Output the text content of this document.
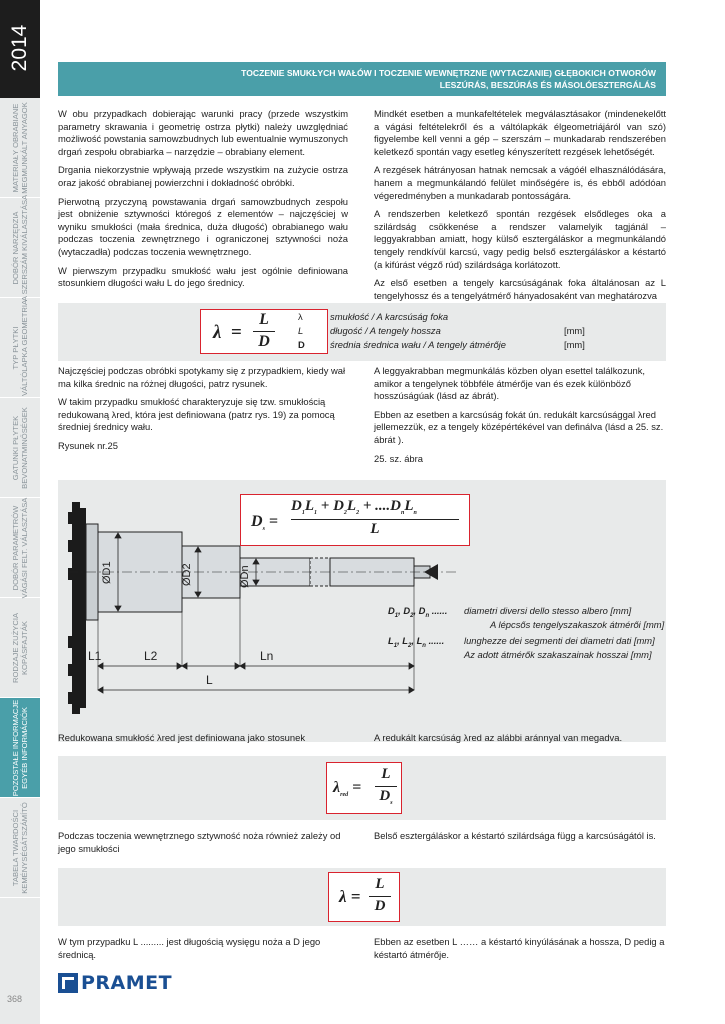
2014
MATERIAŁY OBRABIANE MEGMUNKÁLT ANYAGOK
DOBÓR NARZĘDZIA A SZERSZÁM KIVÁLASZTÁSA
TYP PŁYTKI VÁLTÓLAPKA GEOMETRIA
GATUNKI PŁYTEK BEVONATMINŐSÉGEK
DOBÓR PARAMETRÓW VÁGÁSI FELT. VÁLASZTÁSA
RODZAJE ZUŻYCIA KOPÁSFAJTÁK
POZOSTAŁE INFORMACJE EGYÉB INFORMÁCIÓK
TABELA TWARDOŚCI KEMÉNYSÉGÁTSZÁMÍTÓ
368
TOCZENIE SMUKŁYCH WAŁÓW I TOCZENIE WEWNĘTRZNE (WYTACZANIE) GŁĘBOKICH OTWORÓW
LESZÚRÁS, BESZÚRÁS ÉS MÁSOLÓESZTERGÁLÁS

W obu przypadkach dobierając warunki pracy (przede wszystkim parametry skrawania i geometrię ostrza płytki) należy uwzględniać możliwość powstania samowzbudnych lub ewentualnie wymuszonych drgań zespołu obrabiarka – narzędzie – obrabiany element.

Drgania niekorzystnie wpływają przede wszystkim na zużycie ostrza oraz jakość obrabianej powierzchni i dokładność obróbki.

Pierwotną przyczyną powstawania drgań samowzbudnych zespołu jest obniżenie sztywności któregoś z elementów – najczęściej w wyniku smukłości (mała średnica, duża długość) obrabianego wału podczas toczenia zewnętrznego i ograniczonej sztywności noża (wytaczadła) podczas toczenia wewnętrznego.

W pierwszym przypadku smukłość wału jest ogólnie definiowana stosunkiem długości wału L do jego średnicy.

Mindkét esetben a munkafeltételek megválasztásakor (mindenekelőtt a vágási feltételekről és a váltólapkák élgeometriájáról van szó) figyelembe kell venni a gép – szerszám – munkadarab rendszerében keletkező spontán vagy esetleg kényszerített rezgések lehetőségét.

A rezgések hátrányosan hatnak nemcsak a vágóél elhasználódására, hanem a megmunkálandó felület minőségére is, és ebből adódóan végeredményben a munkadarab pontosságára.

A rendszerben keletkező spontán rezgések elsődleges oka a szilárdság csökkenése a rendszer valamelyik tagjánál – leggyakrabban amiatt, hogy külső esztergáláskor a megmunkálandó tengely rendkívül karcsú, vagy pedig belső esztergáláskor a késtartó (a kifúrást végző rúd) szilárdsága korlátozott.

Az első esetben a tengely karcsúságának foka általánosan az L tengelyhossz és a tengelyátmérő hányadosaként van meghatározva

λ =
L
D
λ	smukłość / A karcsúság foka
L	długość / A tengely hossza	[mm]
D	średnia średnica wału / A tengely átmérője	[mm]

Najczęściej podczas obróbki spotykamy się z przypadkiem, kiedy wał ma kilka średnic na różnej długości, patrz rysunek.

W takim przypadku smukłość charakteryzuje się tzw. smukłością redukowaną λred, która jest definiowana (patrz rys. 19) za pomocą średniej średnicy wału.

Rysunek nr.25

A leggyakrabban megmunkálás közben olyan esettel találkozunk, amikor a tengelynek többféle átmérője van és ezek különböző hosszúságúak (lásd az ábrát).

Ebben az esetben a karcsúság fokát ún. redukált karcsúsággal λred jellemezzük, ez a tengely középértékével van definálva (lásd a 25. sz. ábrát ).

25. sz. ábra

ØD1	ØD2	ØDn
L1	L2	Ln
L
$D_s$ =
$D_1L_1 + D_2L_2 + ....D_nL_n$
L
$D_1$, $D_2$, $D_n$ ...... diametri diversi dello stesso albero [mm]
A lépcsős tengelyszakaszok átmérői [mm]
$L_1$, $L_2$, $L_n$ ...... lunghezze dei segmenti dei diametri dati [mm]
Az adott átmérők szakaszainak hosszai [mm]

Redukowana smukłość λred jest definiowana jako stosunek	A redukált karcsúság λred az alábbi aránnyal van megadva.

$\lambda_{red}$ =
L
$D_s$

Podczas toczenia wewnętrznego sztywność noża również zależy od jego smukłości

Belső esztergáláskor a késtartó szilárdsága függ a karcsúságától is.

λ =
L
D

W tym przypadku L ......... jest długością wysięgu noża a D jego średnicą.

Ebben az esetben L …… a késtartó kinyúlásának a hossza, D pedig a késtartó átmérője.

PRAMET
